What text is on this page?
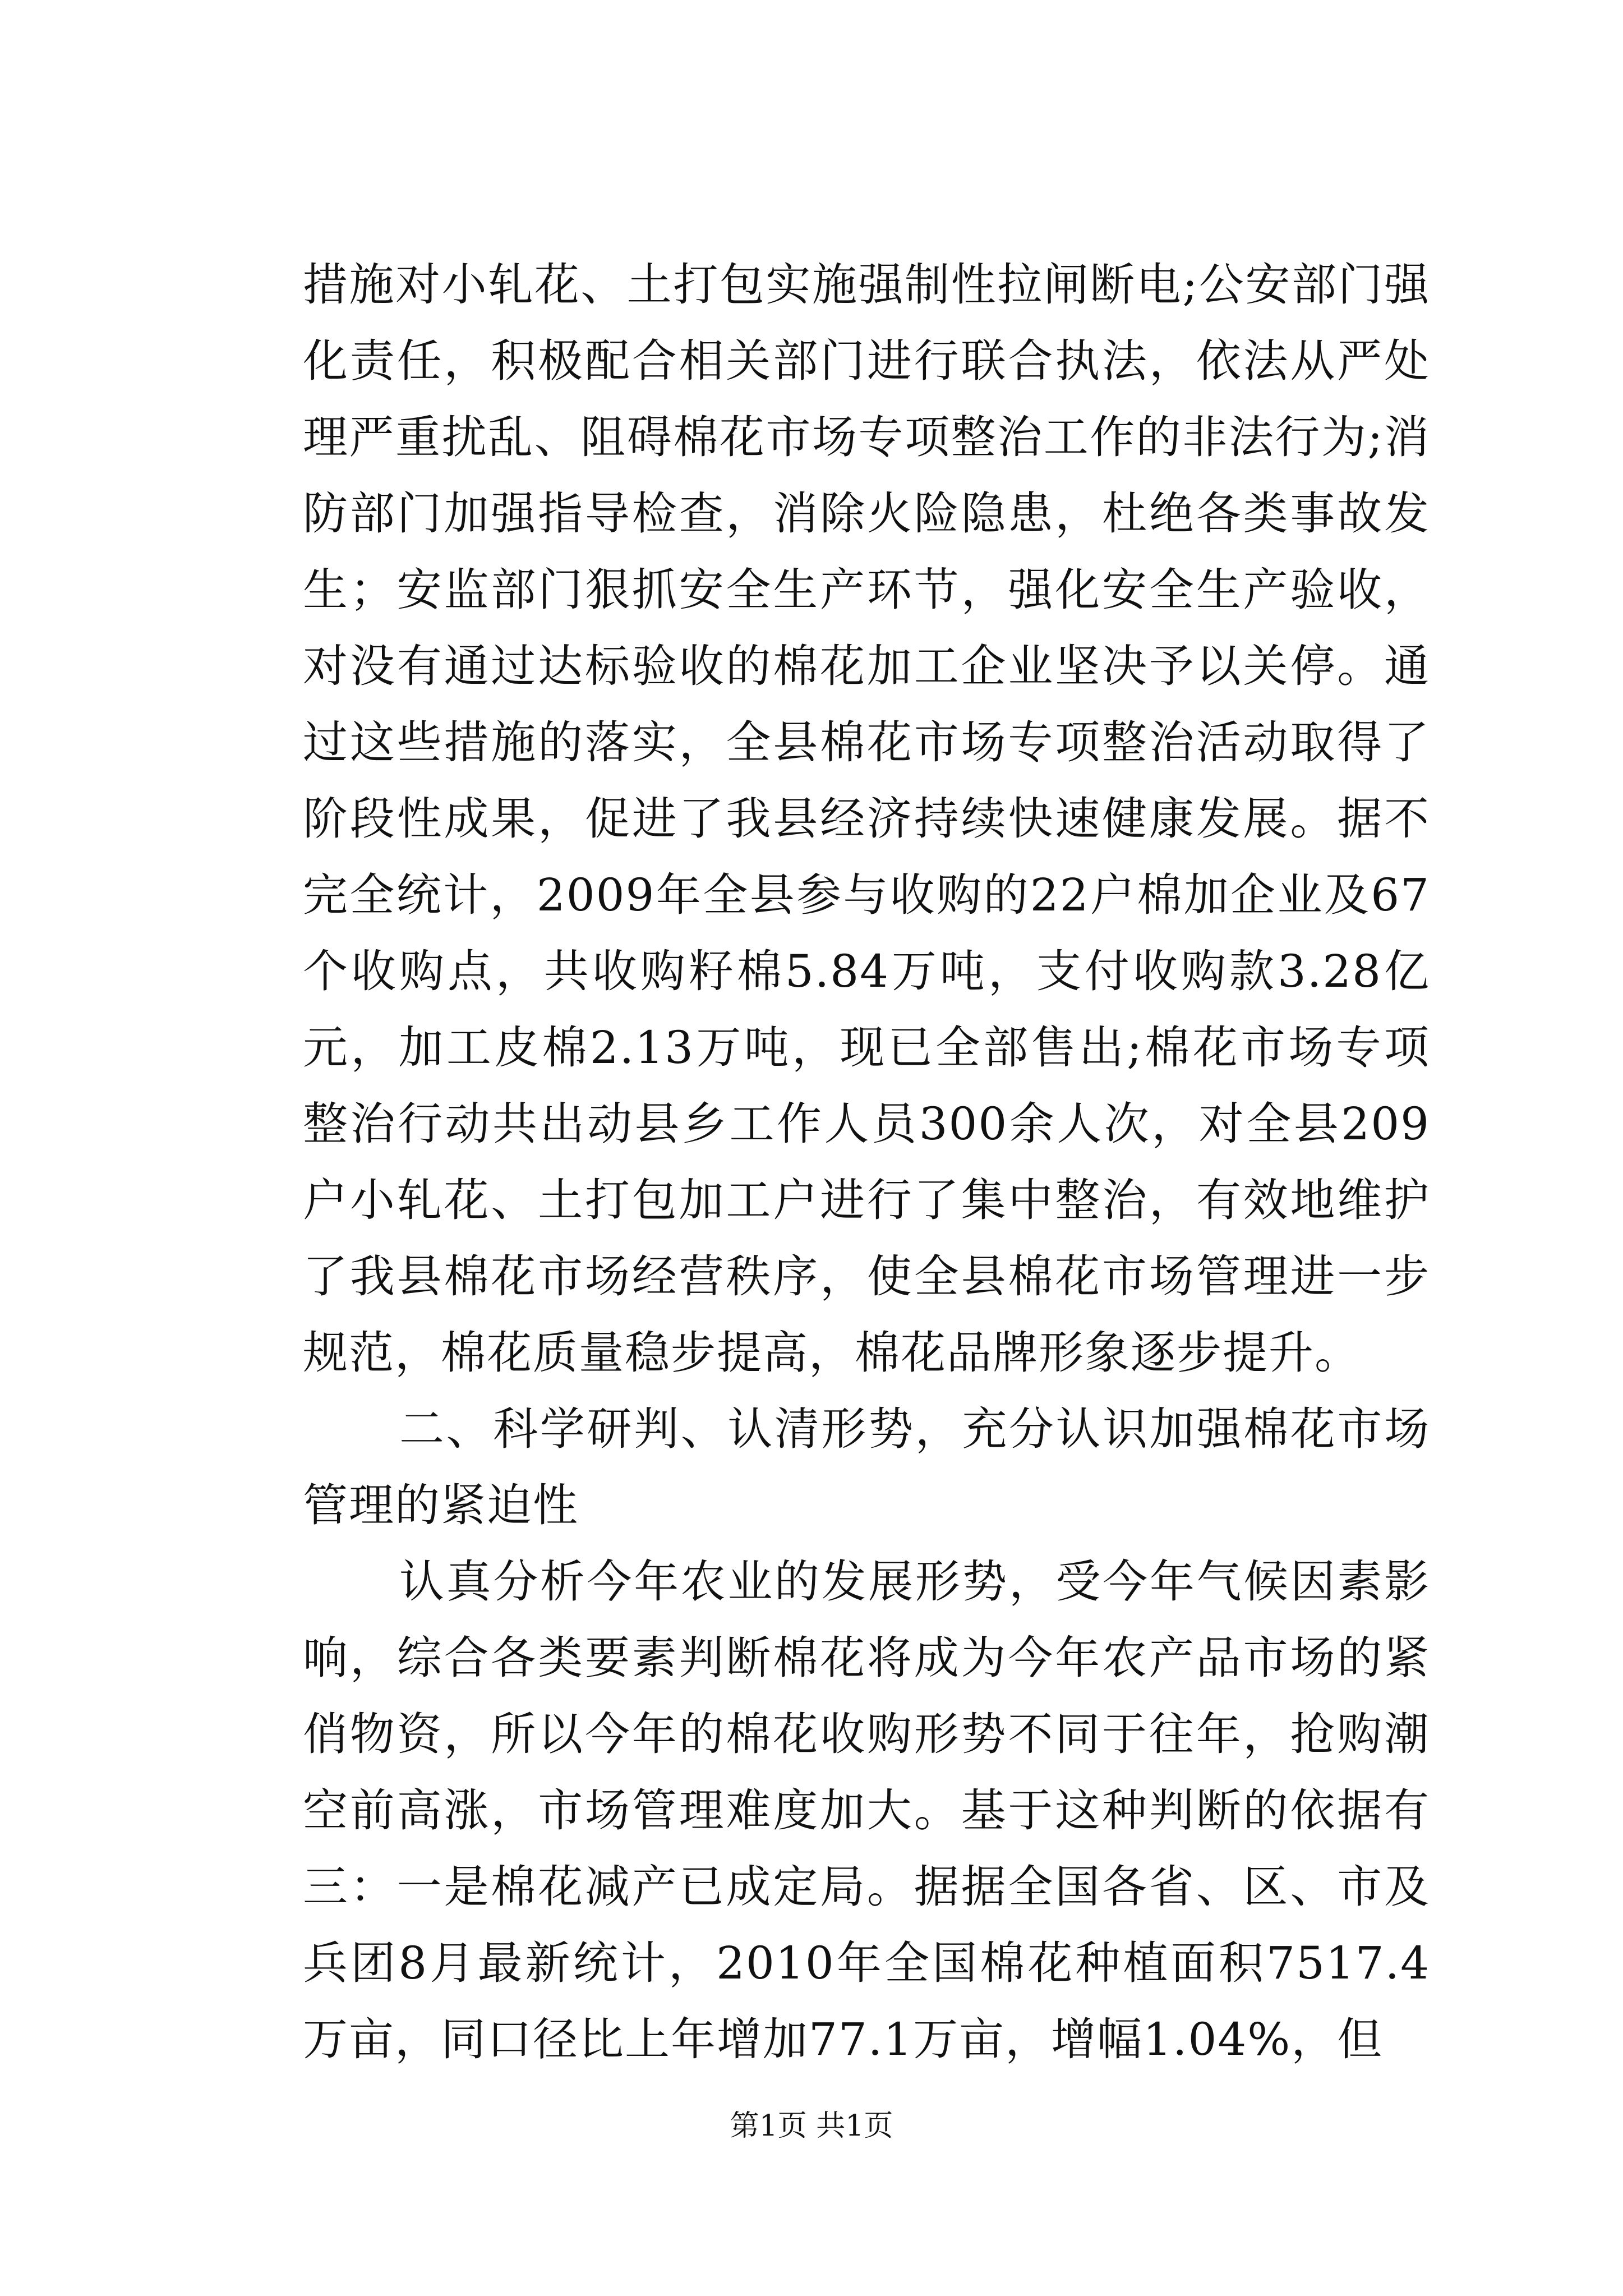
措施对小轧花、土打包实施强制性拉闸断电;公安部门强化责任，积极配合相关部门进行联合执法，依法从严处理严重扰乱、阻碍棉花市场专项整治工作的非法行为;消防部门加强指导检查，消除火险隐患，杜绝各类事故发生；安监部门狠抓安全生产环节，强化安全生产验收，对没有通过达标验收的棉花加工企业坚决予以关停。通过这些措施的落实，全县棉花市场专项整治活动取得了阶段性成果，促进了我县经济持续快速健康发展。据不完全统计，2009年全县参与收购的22户棉加企业及67个收购点，共收购籽棉5.84万吨，支付收购款3.28亿元，加工皮棉2.13万吨，现已全部售出;棉花市场专项整治行动共出动县乡工作人员300余人次，对全县209户小轧花、土打包加工户进行了集中整治，有效地维护了我县棉花市场经营秩序，使全县棉花市场管理进一步规范，棉花质量稳步提高，棉花品牌形象逐步提升。

二、科学研判、认清形势，充分认识加强棉花市场管理的紧迫性

认真分析今年农业的发展形势，受今年气候因素影响，综合各类要素判断棉花将成为今年农产品市场的紧俏物资，所以今年的棉花收购形势不同于往年，抢购潮空前高涨，市场管理难度加大。基于这种判断的依据有三：一是棉花减产已成定局。据据全国各省、区、市及兵团8月最新统计，2010年全国棉花种植面积7517.4万亩，同口径比上年增加77.1万亩，增幅1.04%，但

第1页 共1页
